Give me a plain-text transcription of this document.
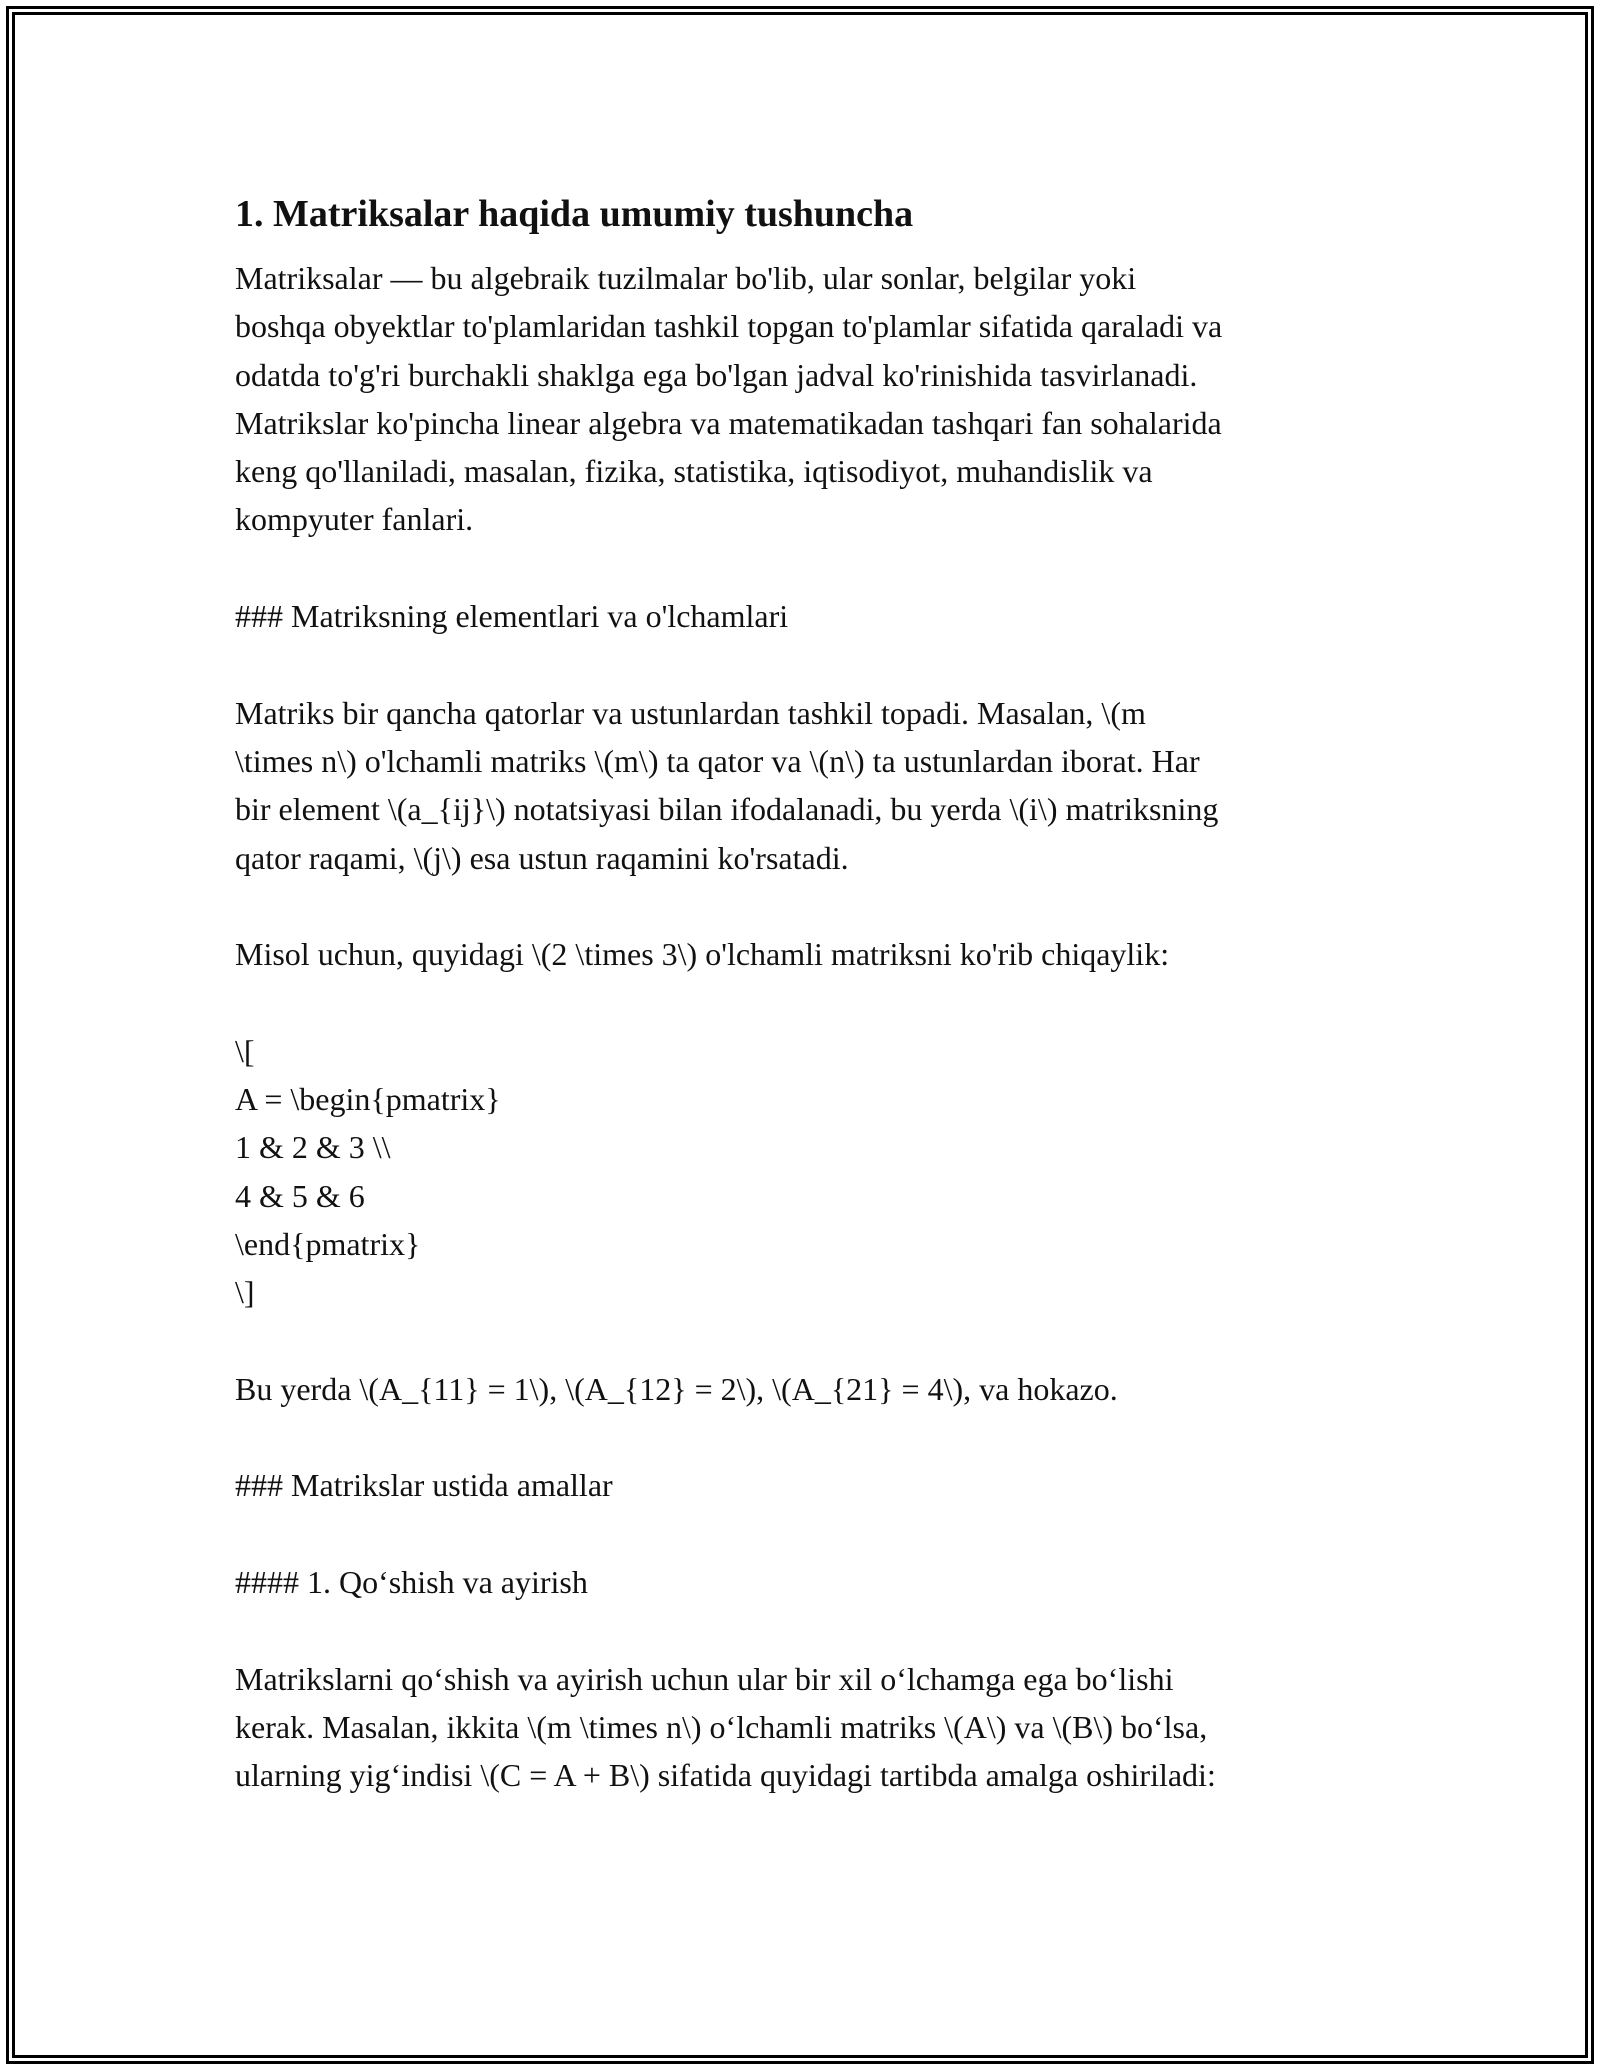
1. Matriksalar haqida umumiy tushuncha

Matriksalar — bu algebraik tuzilmalar bo'lib, ular sonlar, belgilar yoki
boshqa obyektlar to'plamlaridan tashkil topgan to'plamlar sifatida qaraladi va
odatda to'g'ri burchakli shaklga ega bo'lgan jadval ko'rinishida tasvirlanadi.
Matrikslar ko'pincha linear algebra va matematikadan tashqari fan sohalarida
keng qo'llaniladi, masalan, fizika, statistika, iqtisodiyot, muhandislik va
kompyuter fanlari.

### Matriksning elementlari va o'lchamlari

Matriks bir qancha qatorlar va ustunlardan tashkil topadi. Masalan, \(m
\times n\) o'lchamli matriks \(m\) ta qator va \(n\) ta ustunlardan iborat. Har
bir element \(a_{ij}\) notatsiyasi bilan ifodalanadi, bu yerda \(i\) matriksning
qator raqami, \(j\) esa ustun raqamini ko'rsatadi.

Misol uchun, quyidagi \(2 \times 3\) o'lchamli matriksni ko'rib chiqaylik:

\[
A = \begin{pmatrix}
1 & 2 & 3 \\
4 & 5 & 6
\end{pmatrix}
\]

Bu yerda \(A_{11} = 1\), \(A_{12} = 2\), \(A_{21} = 4\), va hokazo.

### Matrikslar ustida amallar

#### 1. Qo‘shish va ayirish

Matrikslarni qo‘shish va ayirish uchun ular bir xil o‘lchamga ega bo‘lishi
kerak. Masalan, ikkita \(m \times n\) o‘lchamli matriks \(A\) va \(B\) bo‘lsa,
ularning yig‘indisi \(C = A + B\) sifatida quyidagi tartibda amalga oshiriladi:
